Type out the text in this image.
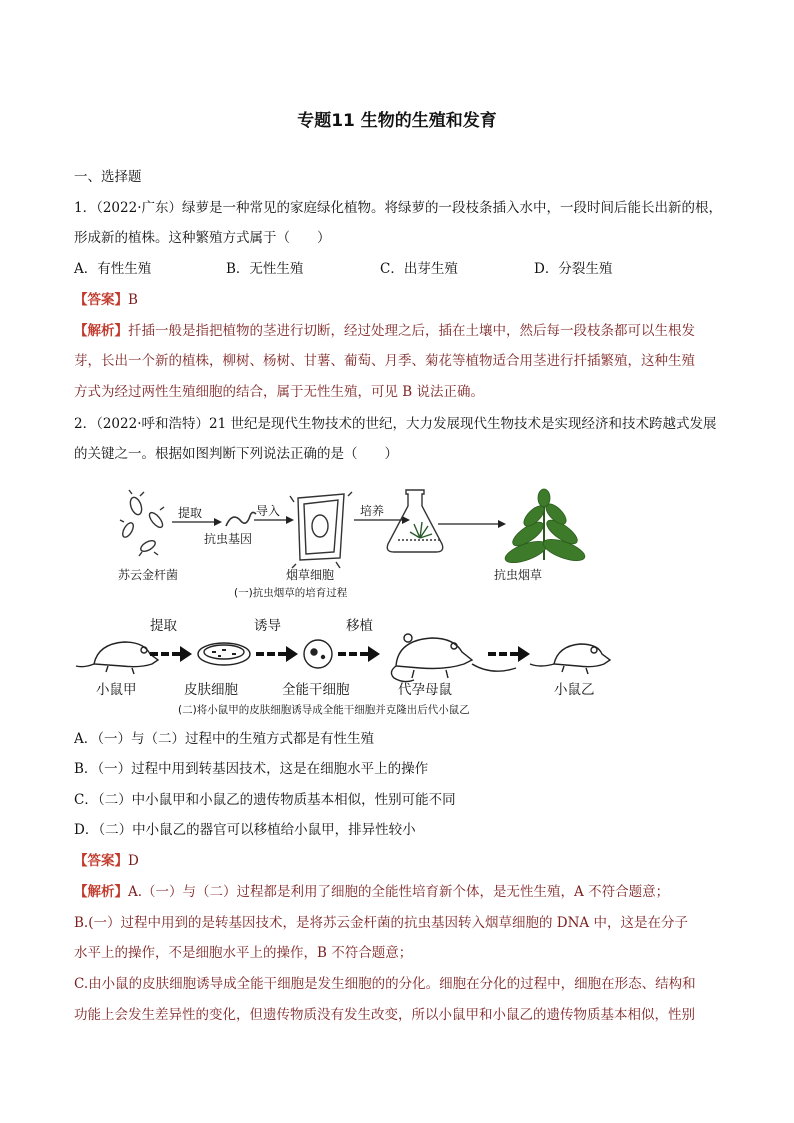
专题11 生物的生殖和发育
一、选择题
1．（2022·广东）绿萝是一种常见的家庭绿化植物。将绿萝的一段枝条插入水中，一段时间后能长出新的根，
形成新的植株。这种繁殖方式属于（　　）
A．有性生殖	B．无性生殖	C．出芽生殖	D．分裂生殖
【答案】B
【解析】扦插一般是指把植物的茎进行切断，经过处理之后，插在土壤中，然后每一段枝条都可以生根发
芽，长出一个新的植株，柳树、杨树、甘薯、葡萄、月季、菊花等植物适合用茎进行扦插繁殖，这种生殖
方式为经过两性生殖细胞的结合，属于无性生殖，可见 B 说法正确。
2．（2022·呼和浩特）21 世纪是现代生物技术的世纪，大力发展现代生物技术是实现经济和技术跨越式发展
的关键之一。根据如图判断下列说法正确的是（　　）
苏云金杆菌
提取
抗虫基因
导入
烟草细胞
培养
抗虫烟草
(一)抗虫烟草的培育过程
小鼠甲
提取
皮肤细胞
诱导
全能干细胞
移植
代孕母鼠	小鼠乙
(二)将小鼠甲的皮肤细胞诱导成全能干细胞并克隆出后代小鼠乙
A．（一）与（二）过程中的生殖方式都是有性生殖
B．（一）过程中用到转基因技术，这是在细胞水平上的操作
C．（二）中小鼠甲和小鼠乙的遗传物质基本相似，性别可能不同
D．（二）中小鼠乙的器官可以移植给小鼠甲，排异性较小
【答案】D
【解析】A.（一）与（二）过程都是利用了细胞的全能性培育新个体，是无性生殖，A 不符合题意；
B.(一）过程中用到的是转基因技术，是将苏云金杆菌的抗虫基因转入烟草细胞的 DNA 中，这是在分子
水平上的操作，不是细胞水平上的操作，B 不符合题意；
C.由小鼠的皮肤细胞诱导成全能干细胞是发生细胞的的分化。细胞在分化的过程中，细胞在形态、结构和
功能上会发生差异性的变化，但遗传物质没有发生改变，所以小鼠甲和小鼠乙的遗传物质基本相似，性别
